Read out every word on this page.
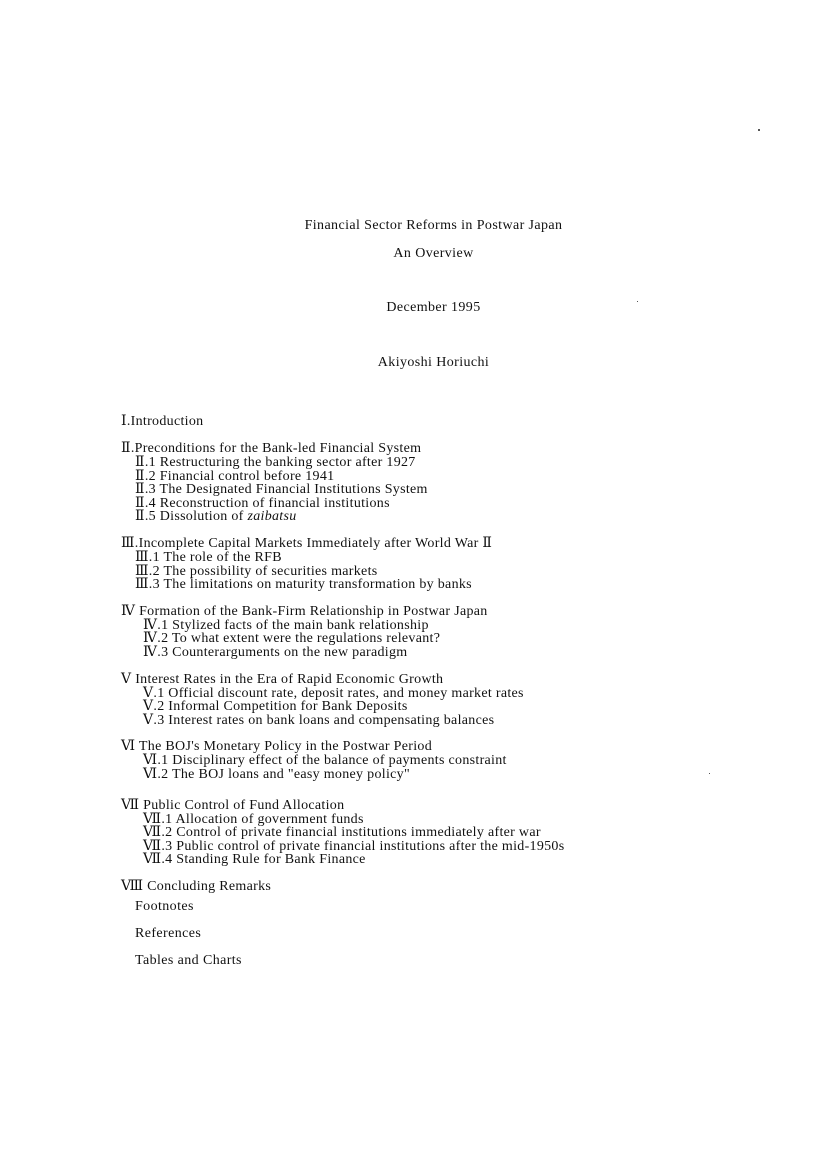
Financial Sector Reforms in Postwar Japan
An Overview
December 1995
Akiyoshi Horiuchi
Ⅰ.Introduction
Ⅱ.Preconditions for the Bank-led Financial System
Ⅱ.1 Restructuring the banking sector after 1927
Ⅱ.2 Financial control before 1941
Ⅱ.3 The Designated Financial Institutions System
Ⅱ.4 Reconstruction of financial institutions
Ⅱ.5 Dissolution of zaibatsu
Ⅲ.Incomplete Capital Markets Immediately after World War Ⅱ
Ⅲ.1 The role of the RFB
Ⅲ.2 The possibility of securities markets
Ⅲ.3 The limitations on maturity transformation by banks
Ⅳ Formation of the Bank-Firm Relationship in Postwar Japan
Ⅳ.1 Stylized facts of the main bank relationship
Ⅳ.2 To what extent were the regulations relevant?
Ⅳ.3 Counterarguments on the new paradigm
Ⅴ Interest Rates in the Era of Rapid Economic Growth
Ⅴ.1 Official discount rate, deposit rates, and money market rates
Ⅴ.2 Informal Competition for Bank Deposits
Ⅴ.3 Interest rates on bank loans and compensating balances
Ⅵ The BOJ's Monetary Policy in the Postwar Period
Ⅵ.1 Disciplinary effect of the balance of payments constraint
Ⅵ.2 The BOJ loans and "easy money policy"
Ⅶ Public Control of Fund Allocation
Ⅶ.1 Allocation of government funds
Ⅶ.2 Control of private financial institutions immediately after war
Ⅶ.3 Public control of private financial institutions after the mid-1950s
Ⅶ.4 Standing Rule for Bank Finance
Ⅷ Concluding Remarks
Footnotes
References
Tables and Charts
